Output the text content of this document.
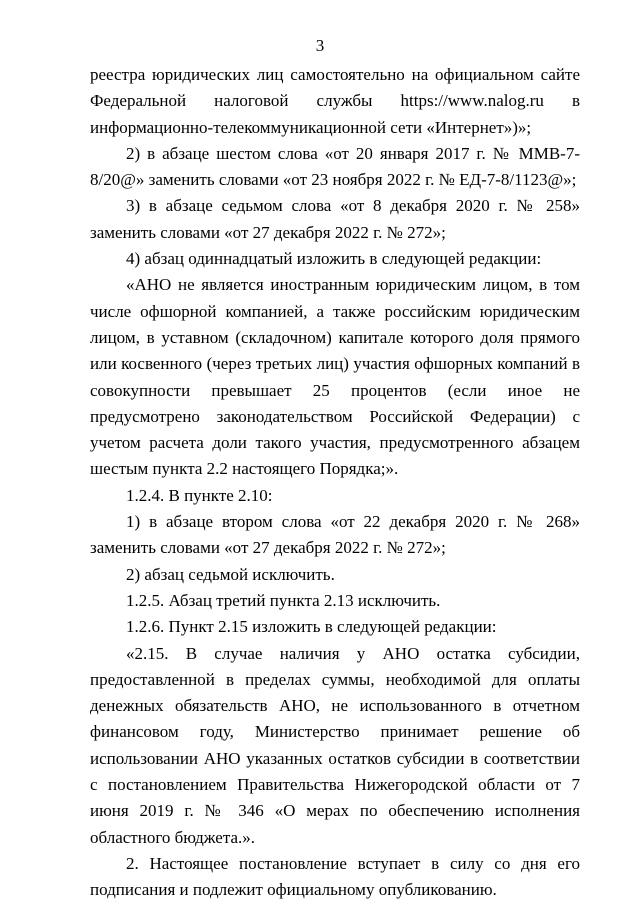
3

реестра юридических лиц самостоятельно на официальном сайте Федеральной налоговой службы https://www.nalog.ru в информационно-телекоммуникационной сети «Интернет»)»;

2) в абзаце шестом слова «от 20 января 2017 г. № ММВ-7-8/20@» заменить словами «от 23 ноября 2022 г. № ЕД-7-8/1123@»;

3) в абзаце седьмом слова «от 8 декабря 2020 г. № 258» заменить словами «от 27 декабря 2022 г. № 272»;

4) абзац одиннадцатый изложить в следующей редакции:

«АНО не является иностранным юридическим лицом, в том числе офшорной компанией, а также российским юридическим лицом, в уставном (складочном) капитале которого доля прямого или косвенного (через третьих лиц) участия офшорных компаний в совокупности превышает 25 процентов (если иное не предусмотрено законодательством Российской Федерации) с учетом расчета доли такого участия, предусмотренного абзацем шестым пункта 2.2 настоящего Порядка;».

1.2.4. В пункте 2.10:

1) в абзаце втором слова «от 22 декабря 2020 г. № 268» заменить словами «от 27 декабря 2022 г. № 272»;

2) абзац седьмой исключить.

1.2.5. Абзац третий пункта 2.13 исключить.

1.2.6. Пункт 2.15 изложить в следующей редакции:

«2.15. В случае наличия у АНО остатка субсидии, предоставленной в пределах суммы, необходимой для оплаты денежных обязательств АНО, не использованного в отчетном финансовом году, Министерство принимает решение об использовании АНО указанных остатков субсидии в соответствии с постановлением Правительства Нижегородской области от 7 июня 2019 г. № 346 «О мерах по обеспечению исполнения областного бюджета.».

2. Настоящее постановление вступает в силу со дня его подписания и подлежит официальному опубликованию.
